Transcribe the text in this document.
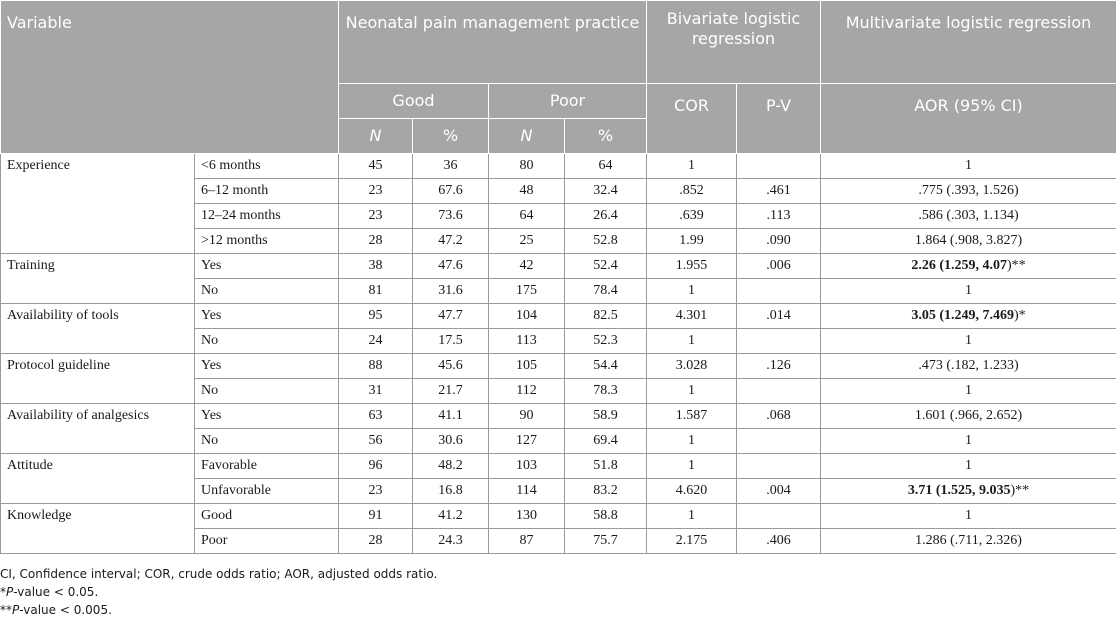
Variable		Neonatal pain management practice				Bivariate logistic regression		Multivariate logistic regression
		Good		Poor		COR	P-V	AOR (95% CI)
		N	%	N	%			
Experience	<6 months	45	36	80	64	1		1
	6–12 month	23	67.6	48	32.4	.852	.461	.775 (.393, 1.526)
	12–24 months	23	73.6	64	26.4	.639	.113	.586 (.303, 1.134)
	>12 months	28	47.2	25	52.8	1.99	.090	1.864 (.908, 3.827)
Training	Yes	38	47.6	42	52.4	1.955	.006	2.26 (1.259, 4.07)**
	No	81	31.6	175	78.4	1		1
Availability of tools	Yes	95	47.7	104	82.5	4.301	.014	3.05 (1.249, 7.469)*
	No	24	17.5	113	52.3	1		1
Protocol guideline	Yes	88	45.6	105	54.4	3.028	.126	.473 (.182, 1.233)
	No	31	21.7	112	78.3	1		1
Availability of analgesics	Yes	63	41.1	90	58.9	1.587	.068	1.601 (.966, 2.652)
	No	56	30.6	127	69.4	1		1
Attitude	Favorable	96	48.2	103	51.8	1		1
	Unfavorable	23	16.8	114	83.2	4.620	.004	3.71 (1.525, 9.035)**
Knowledge	Good	91	41.2	130	58.8	1		1
	Poor	28	24.3	87	75.7	2.175	.406	1.286 (.711, 2.326)
CI, Confidence interval; COR, crude odds ratio; AOR, adjusted odds ratio.
*P-value < 0.05.
**P-value < 0.005.
